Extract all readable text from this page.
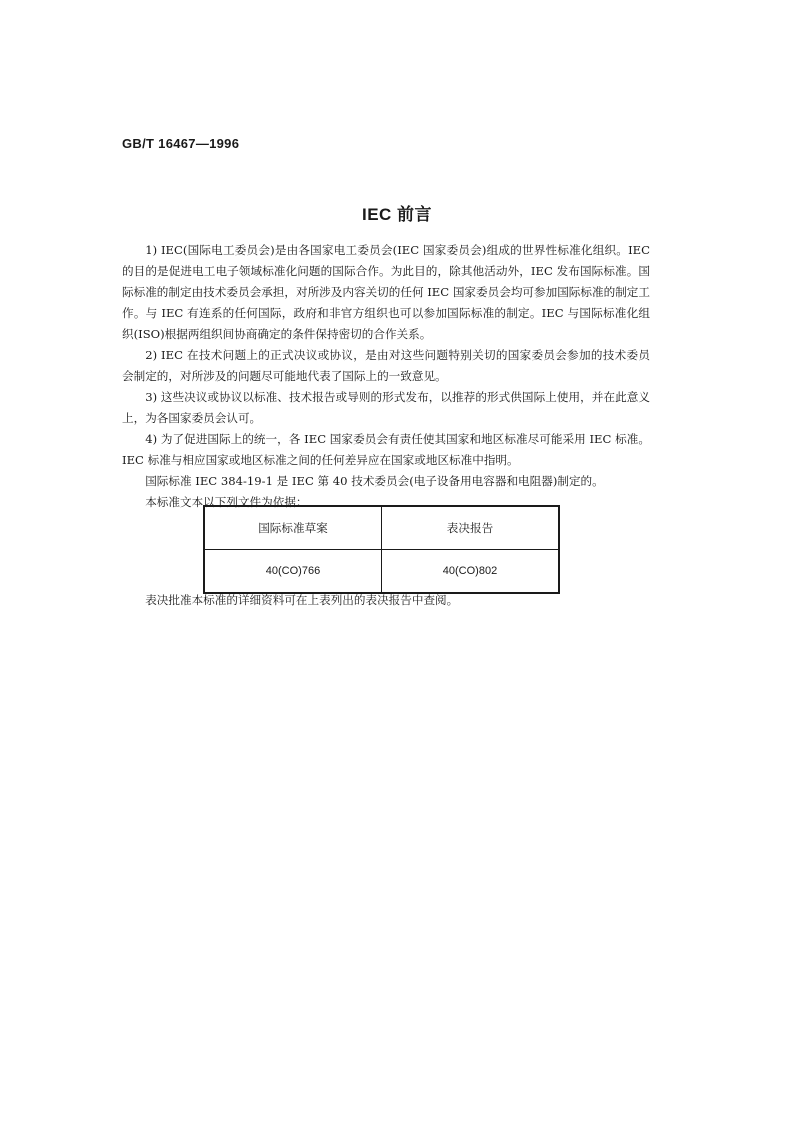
GB/T 16467—1996
IEC 前言

1) IEC(国际电工委员会)是由各国家电工委员会(IEC 国家委员会)组成的世界性标准化组织。IEC 的目的是促进电工电子领域标准化问题的国际合作。为此目的，除其他活动外，IEC 发布国际标准。国际标准的制定由技术委员会承担，对所涉及内容关切的任何 IEC 国家委员会均可参加国际标准的制定工作。与 IEC 有连系的任何国际，政府和非官方组织也可以参加国际标准的制定。IEC 与国际标准化组织(ISO)根据两组织间协商确定的条件保持密切的合作关系。

2) IEC 在技术问题上的正式决议或协议，是由对这些问题特别关切的国家委员会参加的技术委员会制定的，对所涉及的问题尽可能地代表了国际上的一致意见。

3) 这些决议或协议以标准、技术报告或导则的形式发布，以推荐的形式供国际上使用，并在此意义上，为各国家委员会认可。

4) 为了促进国际上的统一，各 IEC 国家委员会有责任使其国家和地区标准尽可能采用 IEC 标准。IEC 标准与相应国家或地区标准之间的任何差异应在国家或地区标准中指明。

国际标准 IEC 384-19-1 是 IEC 第 40 技术委员会(电子设备用电容器和电阻器)制定的。

本标准文本以下列文件为依据：

国际标准草案	表决报告
40(CO)766	40(CO)802
表决批准本标准的详细资料可在上表列出的表决报告中查阅。
